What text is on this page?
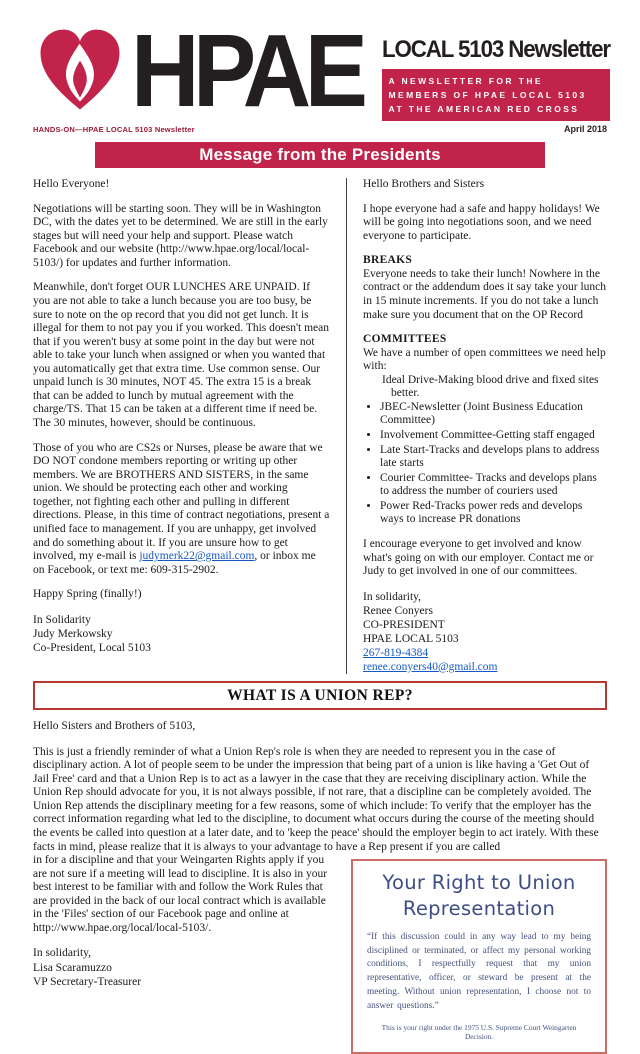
HPAE LOCAL 5103 Newsletter
A NEWSLETTER FOR THE MEMBERS OF HPAE LOCAL 5103 AT THE AMERICAN RED CROSS
HANDS-ON—HPAE LOCAL 5103 Newsletter	April 2018
Message from the Presidents

Hello Everyone!

Negotiations will be starting soon. They will be in Washington DC, with the dates yet to be determined. We are still in the early stages but will need your help and support. Please watch Facebook and our website (http://www.hpae.org/local/local-5103/) for updates and further information.

Meanwhile, don't forget OUR LUNCHES ARE UNPAID. If you are not able to take a lunch because you are too busy, be sure to note on the op record that you did not get lunch. It is illegal for them to not pay you if you worked. This doesn't mean that if you weren't busy at some point in the day but were not able to take your lunch when assigned or when you wanted that you automatically get that extra time. Use common sense. Our unpaid lunch is 30 minutes, NOT 45. The extra 15 is a break that can be added to lunch by mutual agreement with the charge/TS. That 15 can be taken at a different time if need be. The 30 minutes, however, should be continuous.

Those of you who are CS2s or Nurses, please be aware that we DO NOT condone members reporting or writing up other members. We are BROTHERS AND SISTERS, in the same union. We should be protecting each other and working together, not fighting each other and pulling in different directions. Please, in this time of contract negotiations, present a unified face to management. If you are unhappy, get involved and do something about it. If you are unsure how to get involved, my e-mail is judymerk22@gmail.com, or inbox me on Facebook, or text me: 609-315-2902.

Happy Spring (finally!)

In Solidarity
Judy Merkowsky
Co-President, Local 5103

Hello Brothers and Sisters

I hope everyone had a safe and happy holidays! We will be going into negotiations soon, and we need everyone to participate.

BREAKS

Everyone needs to take their lunch! Nowhere in the contract or the addendum does it say take your lunch in 15 minute increments. If you do not take a lunch make sure you document that on the OP Record

COMMITTEES
We have a number of open committees we need help with:
Ideal Drive-Making blood drive and fixed sites better.
• JBEC-Newsletter (Joint Business Education Committee)
• Involvement Committee-Getting staff engaged
• Late Start-Tracks and develops plans to address late starts
• Courier Committee- Tracks and develops plans to address the number of couriers used
• Power Red-Tracks power reds and develops ways to increase PR donations

I encourage everyone to get involved and know what's going on with our employer. Contact me or Judy to get involved in one of our committees.

In solidarity,
Renee Conyers
CO-PRESIDENT
HPAE LOCAL 5103
267-819-4384
renee.conyers40@gmail.com
WHAT IS A UNION REP?

Hello Sisters and Brothers of 5103,

This is just a friendly reminder of what a Union Rep's role is when they are needed to represent you in the case of disciplinary action. A lot of people seem to be under the impression that being part of a union is like having a 'Get Out of Jail Free' card and that a Union Rep is to act as a lawyer in the case that they are receiving disciplinary action. While the Union Rep should advocate for you, it is not always possible, if not rare, that a discipline can be completely avoided. The Union Rep attends the disciplinary meeting for a few reasons, some of which include: To verify that the employer has the correct information regarding what led to the discipline, to document what occurs during the course of the meeting should the events be called into question at a later date, and to 'keep the peace' should the employer begin to act irately. With these facts in mind, please realize that it is always to your advantage to have a Rep present if you are called

in for a discipline and that your Weingarten Rights apply if you are not sure if a meeting will lead to discipline. It is also in your best interest to be familiar with and follow the Work Rules that are provided in the back of our local contract which is available in the 'Files' section of our Facebook page and online at http://www.hpae.org/local/local-5103/.

In solidarity,
Lisa Scaramuzzo
VP Secretary-Treasurer
Your Right to Union Representation

“If this discussion could in any way lead to my being disciplined or terminated, or affect my personal working conditions, I respectfully request that my union representative, officer, or steward be present at the meeting. Without union representation, I choose not to answer questions.”

This is your right under the 1975 U.S. Supreme Court Weingarten Decision.
